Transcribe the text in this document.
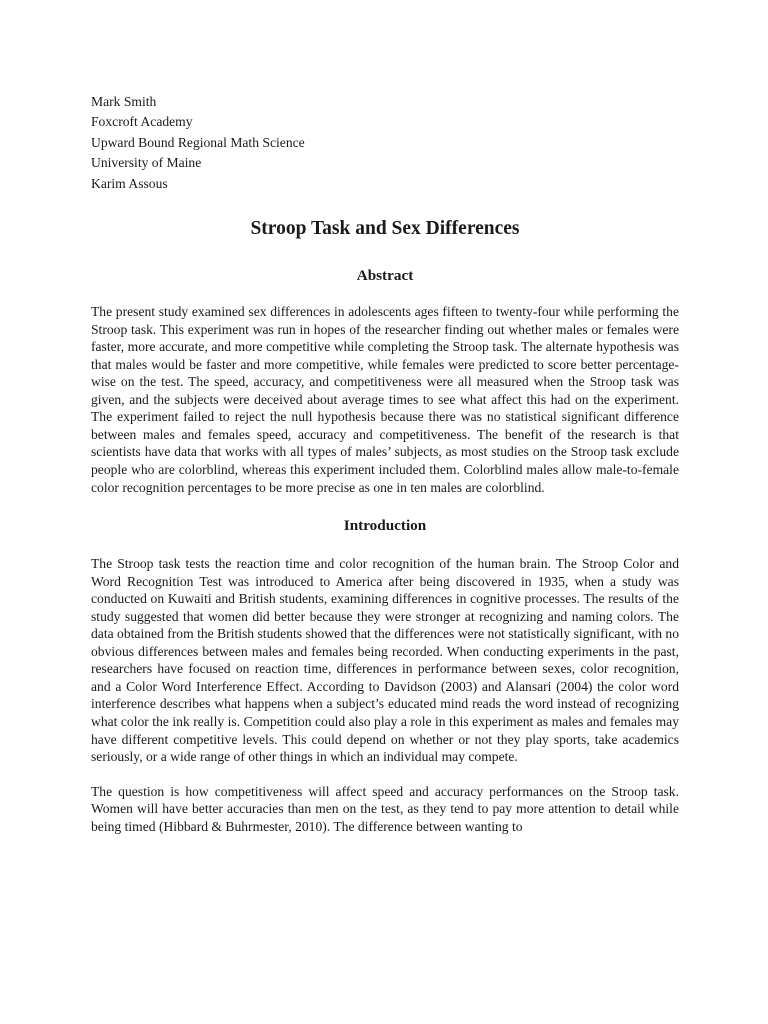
Mark Smith
Foxcroft Academy
Upward Bound Regional Math Science
University of Maine
Karim Assous
Stroop Task and Sex Differences
Abstract

The present study examined sex differences in adolescents ages fifteen to twenty-four while performing the Stroop task. This experiment was run in hopes of the researcher finding out whether males or females were faster, more accurate, and more competitive while completing the Stroop task. The alternate hypothesis was that males would be faster and more competitive, while females were predicted to score better percentage-wise on the test. The speed, accuracy, and competitiveness were all measured when the Stroop task was given, and the subjects were deceived about average times to see what affect this had on the experiment. The experiment failed to reject the null hypothesis because there was no statistical significant difference between males and females speed, accuracy and competitiveness. The benefit of the research is that scientists have data that works with all types of males’ subjects, as most studies on the Stroop task exclude people who are colorblind, whereas this experiment included them. Colorblind males allow male-to-female color recognition percentages to be more precise as one in ten males are colorblind.

Introduction

The Stroop task tests the reaction time and color recognition of the human brain. The Stroop Color and Word Recognition Test was introduced to America after being discovered in 1935, when a study was conducted on Kuwaiti and British students, examining differences in cognitive processes. The results of the study suggested that women did better because they were stronger at recognizing and naming colors. The data obtained from the British students showed that the differences were not statistically significant, with no obvious differences between males and females being recorded. When conducting experiments in the past, researchers have focused on reaction time, differences in performance between sexes, color recognition, and a Color Word Interference Effect. According to Davidson (2003) and Alansari (2004) the color word interference describes what happens when a subject’s educated mind reads the word instead of recognizing what color the ink really is. Competition could also play a role in this experiment as males and females may have different competitive levels. This could depend on whether or not they play sports, take academics seriously, or a wide range of other things in which an individual may compete.

The question is how competitiveness will affect speed and accuracy performances on the Stroop task. Women will have better accuracies than men on the test, as they tend to pay more attention to detail while being timed (Hibbard & Buhrmester, 2010). The difference between wanting to
